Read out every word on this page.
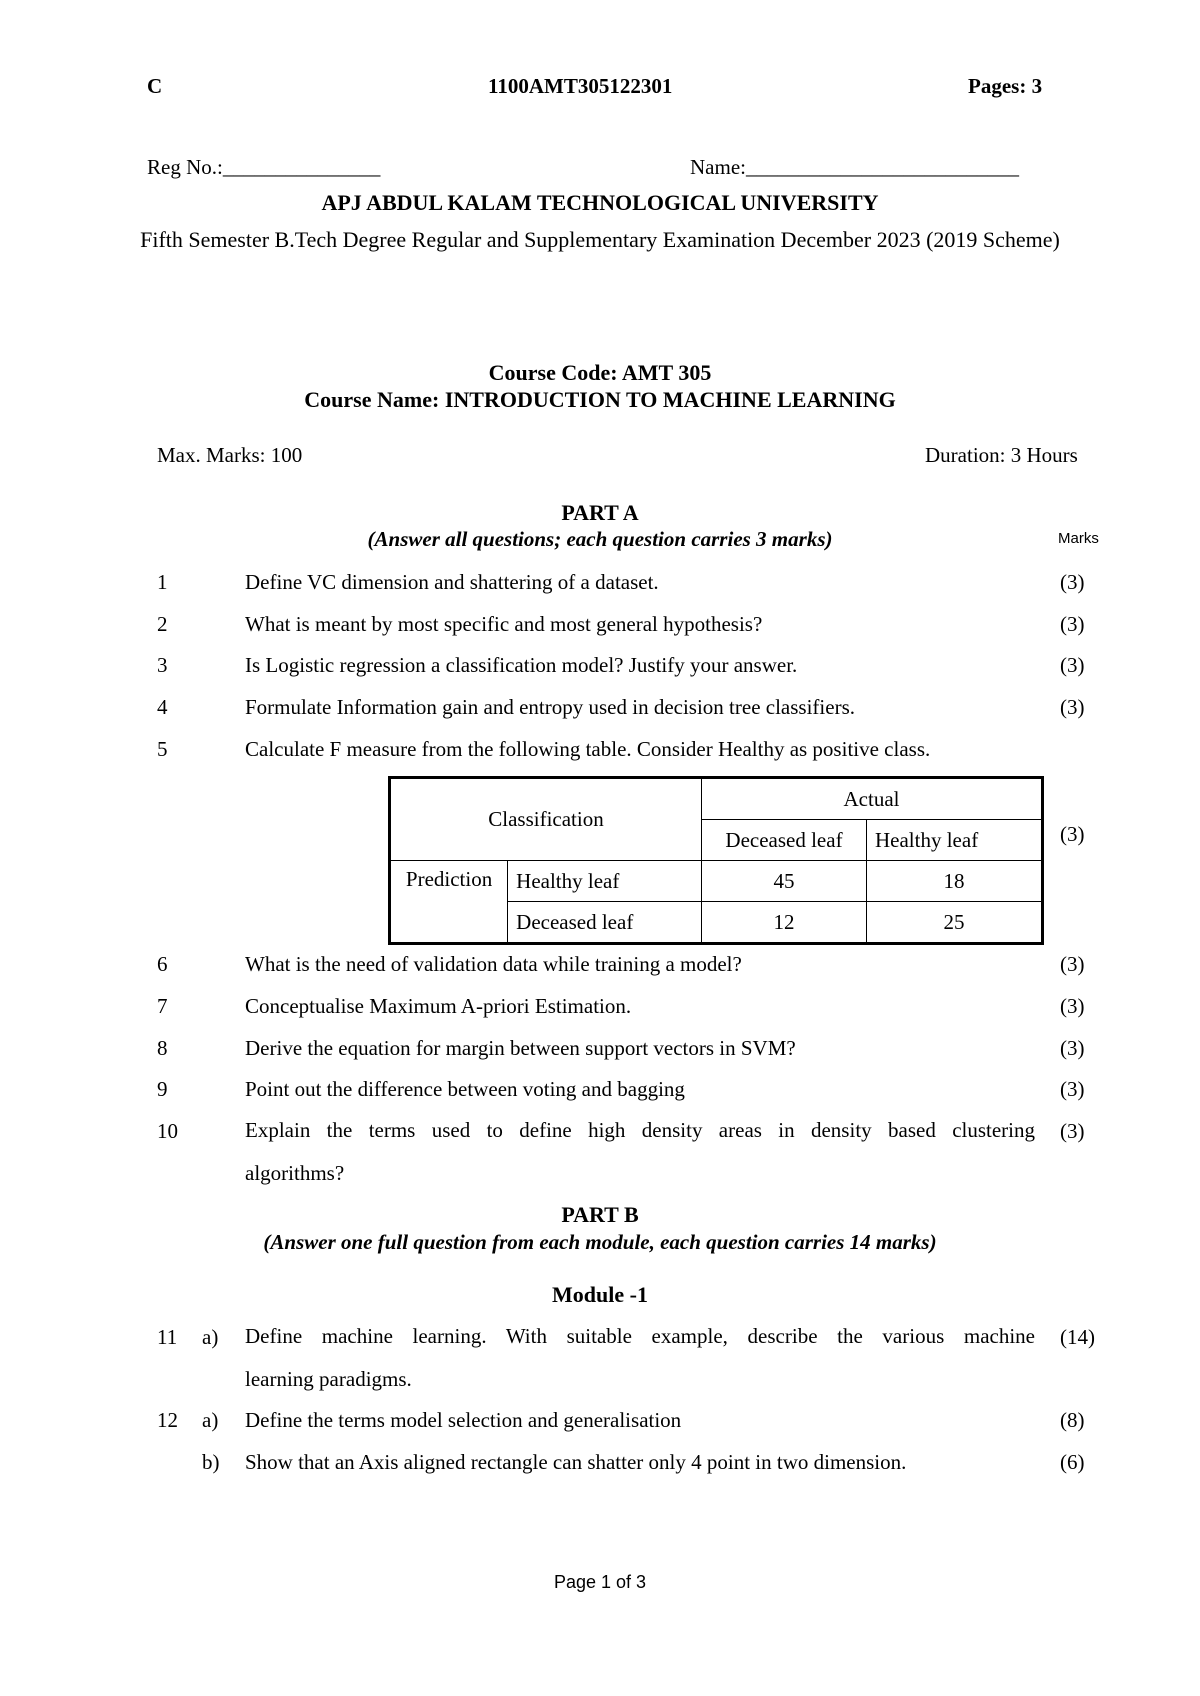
C	1100AMT305122301	Pages: 3
Reg No.:_______________	Name:__________________________
APJ ABDUL KALAM TECHNOLOGICAL UNIVERSITY
Fifth Semester B.Tech Degree Regular and Supplementary Examination December 2023 (2019 Scheme)
Course Code: AMT 305
Course Name: INTRODUCTION TO MACHINE LEARNING
Max. Marks: 100	Duration: 3 Hours
PART A
(Answer all questions; each question carries 3 marks)	Marks
1	Define VC dimension and shattering of a dataset.	(3)
2	What is meant by most specific and most general hypothesis?	(3)
3	Is Logistic regression a classification model? Justify your answer.	(3)
4	Formulate Information gain and entropy used in decision tree classifiers.	(3)
5	Calculate F measure from the following table. Consider Healthy as positive class.
Classification		Actual	
		Deceased leaf	Healthy leaf
Prediction	Healthy leaf	45	18
	Deceased leaf	12	25
(3)
6	What is the need of validation data while training a model?	(3)
7	Conceptualise Maximum A-priori Estimation.	(3)
8	Derive the equation for margin between support vectors in SVM?	(3)
9	Point out the difference between voting and bagging	(3)
10	Explain the terms used to define high density areas in density based clustering (3)
algorithms?
PART B
(Answer one full question from each module, each question carries 14 marks)
Module -1
11 a) Define machine learning. With suitable example, describe the various machine (14)
learning paradigms.
12 a) Define the terms model selection and generalisation	(8)
b) Show that an Axis aligned rectangle can shatter only 4 point in two dimension.	(6)
Page 1 of 3
